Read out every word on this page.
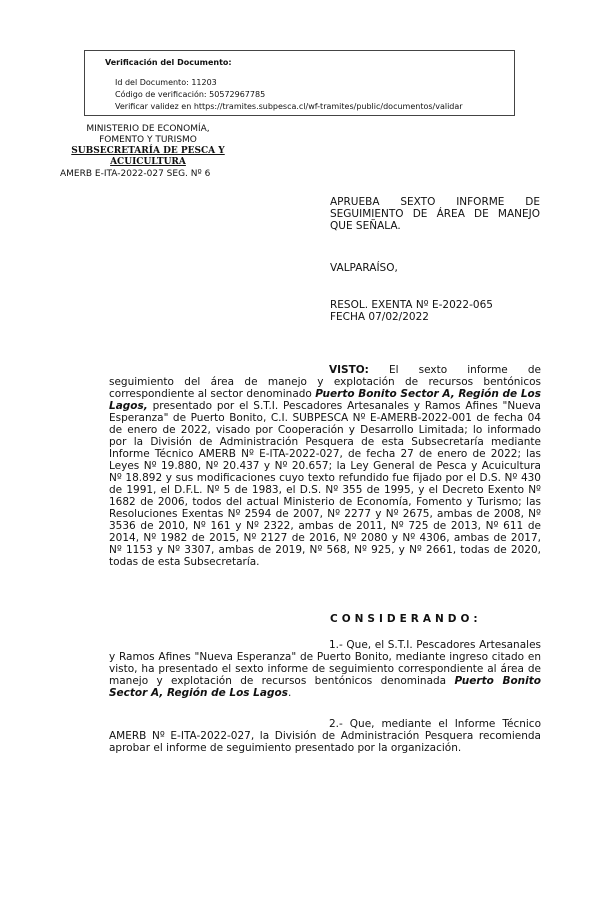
Verificación del Documento:
• Id del Documento: 11203
• Código de verificación: 50572967785
• Verificar validez en https://tramites.subpesca.cl/wf-tramites/public/documentos/validar
MINISTERIO DE ECONOMÍA,
FOMENTO Y TURISMO
SUBSECRETARÍA DE PESCA Y ACUICULTURA
AMERB E-ITA-2022-027 SEG. Nº 6
APRUEBA SEXTO INFORME DE SEGUIMIENTO DE ÁREA DE MANEJO QUE SEÑALA.
VALPARAÍSO,
RESOL. EXENTA Nº E-2022-065
FECHA 07/02/2022
VISTO: El sexto informe de seguimiento del área de manejo y explotación de recursos bentónicos correspondiente al sector denominado Puerto Bonito Sector A, Región de Los Lagos, presentado por el S.T.I. Pescadores Artesanales y Ramos Afines "Nueva Esperanza" de Puerto Bonito, C.I. SUBPESCA Nº E-AMERB-2022-001 de fecha 04 de enero de 2022, visado por Cooperación y Desarrollo Limitada; lo informado por la División de Administración Pesquera de esta Subsecretaría mediante Informe Técnico AMERB Nº E-ITA-2022-027, de fecha 27 de enero de 2022; las Leyes Nº 19.880, Nº 20.437 y Nº 20.657; la Ley General de Pesca y Acuicultura Nº 18.892 y sus modificaciones cuyo texto refundido fue fijado por el D.S. Nº 430 de 1991, el D.F.L. Nº 5 de 1983, el D.S. Nº 355 de 1995, y el Decreto Exento Nº 1682 de 2006, todos del actual Ministerio de Economía, Fomento y Turismo; las Resoluciones Exentas Nº 2594 de 2007, Nº 2277 y Nº 2675, ambas de 2008, Nº 3536 de 2010, Nº 161 y Nº 2322, ambas de 2011, Nº 725 de 2013, Nº 611 de 2014, Nº 1982 de 2015, Nº 2127 de 2016, Nº 2080 y Nº 4306, ambas de 2017, Nº 1153 y Nº 3307, ambas de 2019, Nº 568, Nº 925, y Nº 2661, todas de 2020, todas de esta Subsecretaría.
CONSIDERANDO:
1.- Que, el S.T.I. Pescadores Artesanales y Ramos Afines "Nueva Esperanza" de Puerto Bonito, mediante ingreso citado en visto, ha presentado el sexto informe de seguimiento correspondiente al área de manejo y explotación de recursos bentónicos denominada Puerto Bonito Sector A, Región de Los Lagos.
2.- Que, mediante el Informe Técnico AMERB Nº E-ITA-2022-027, la División de Administración Pesquera recomienda aprobar el informe de seguimiento presentado por la organización.
